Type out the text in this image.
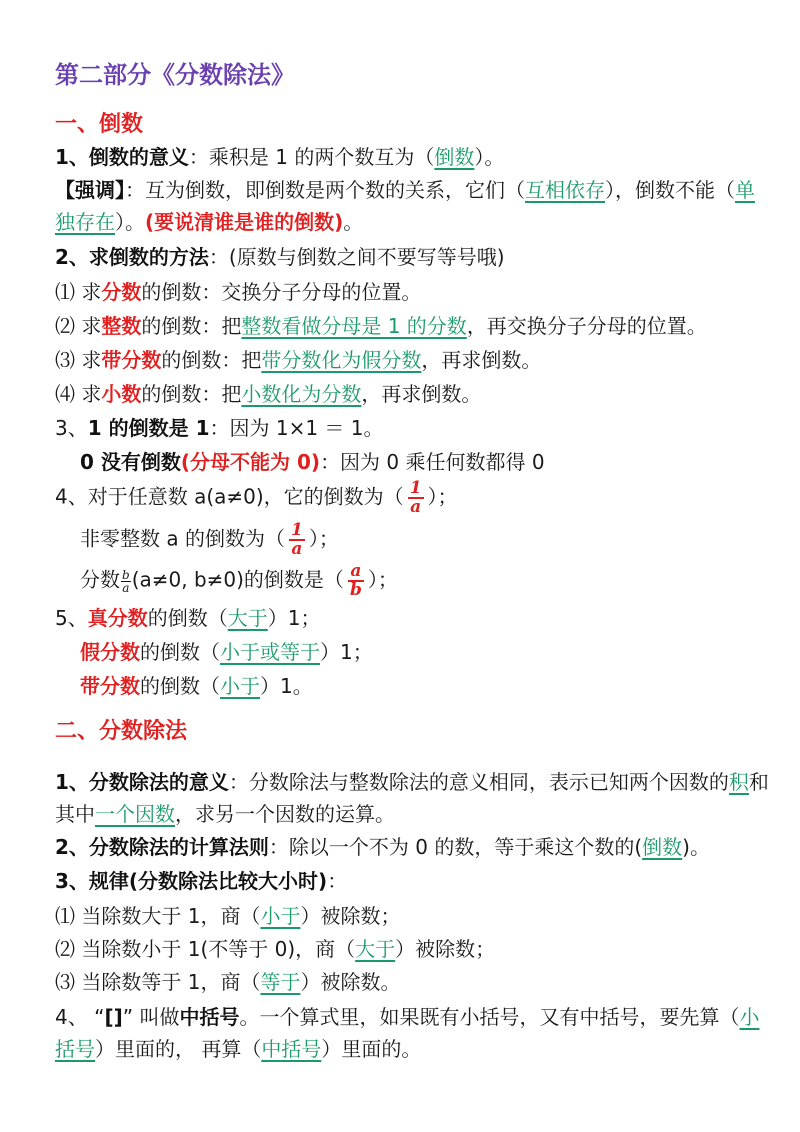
第二部分《分数除法》
一、倒数
1、倒数的意义：乘积是 1 的两个数互为（倒数）。
【强调】：互为倒数，即倒数是两个数的关系，它们（互相依存），倒数不能（单独存在）。(要说清谁是谁的倒数)。
2、求倒数的方法：(原数与倒数之间不要写等号哦)
⑴ 求分数的倒数：交换分子分母的位置。
⑵ 求整数的倒数：把整数看做分母是 1 的分数，再交换分子分母的位置。
⑶ 求带分数的倒数：把带分数化为假分数，再求倒数。
⑷ 求小数的倒数：把小数化为分数，再求倒数。
3、1 的倒数是 1：因为 1×1 ＝ 1。
0 没有倒数(分母不能为 0)：因为 0 乘任何数都得 0
4、对于任意数 a(a≠0)，它的倒数为（ $\frac{1}{a}$ ）；
非零整数 a 的倒数为（ $\frac{1}{a}$ ）；
分数 $\frac{b}{a} (a\ne 0$, b≠0)的倒数是（ $\frac{a}{b}$ ）；
5、真分数的倒数（大于）1；
假分数的倒数（小于或等于）1；
带分数的倒数（小于）1。
二、分数除法
1、分数除法的意义：分数除法与整数除法的意义相同，表示已知两个因数的积和其中一个因数，求另一个因数的运算。
2、分数除法的计算法则：除以一个不为 0 的数，等于乘这个数的(倒数)。
3、规律(分数除法比较大小时)：
⑴ 当除数大于 1，商（小于）被除数；
⑵ 当除数小于 1(不等于 0)，商（大于）被除数；
⑶ 当除数等于 1，商（等于）被除数。
4、 “[]” 叫做中括号。一个算式里，如果既有小括号，又有中括号，要先算（小括号）里面的， 再算（中括号）里面的。
